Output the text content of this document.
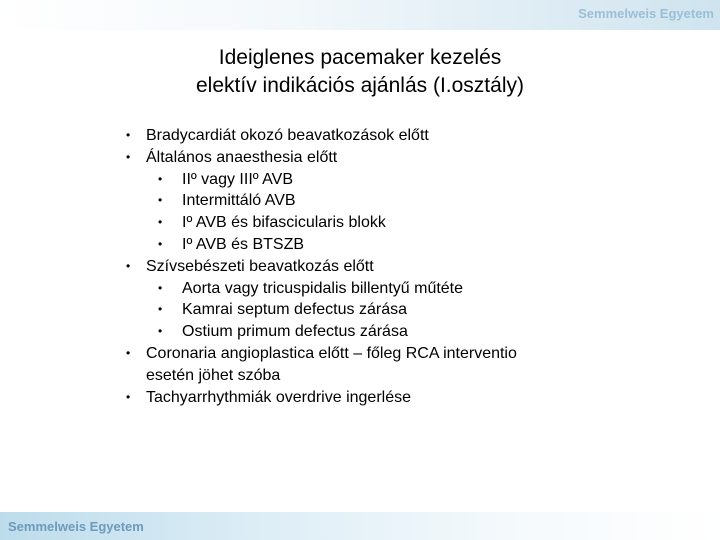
Semmelweis Egyetem
Ideiglenes pacemaker kezelés
elektív indikációs ajánlás (I.osztály)
• Bradycardiát okozó beavatkozások előtt
• Általános anaesthesia előtt
• IIº vagy IIIº AVB
• Intermittáló AVB
• Iº AVB és bifascicularis blokk
• Iº AVB és BTSZB
• Szívsebészeti beavatkozás előtt
• Aorta vagy tricuspidalis billentyű műtéte
• Kamrai septum defectus zárása
• Ostium primum defectus zárása
• Coronaria angioplastica előtt – főleg RCA interventio
esetén jöhet szóba
• Tachyarrhythmiák overdrive ingerlése
Semmelweis Egyetem
